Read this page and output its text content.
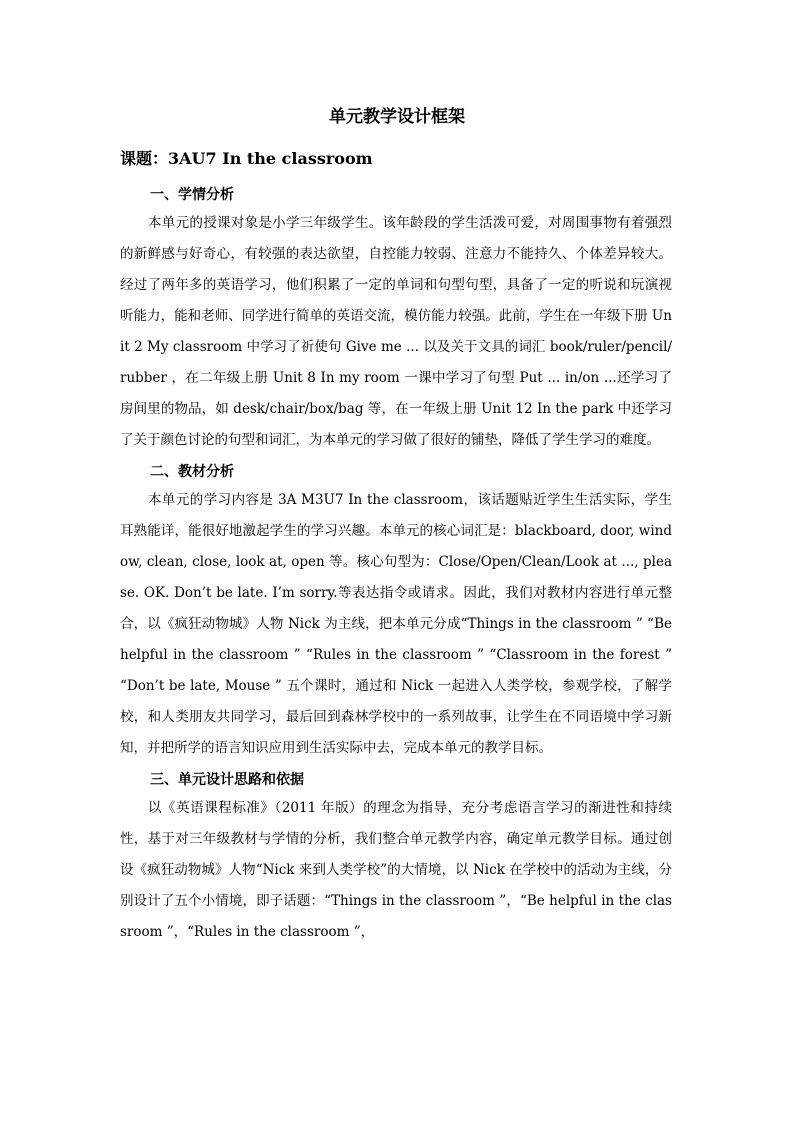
单元教学设计框架
课题：3AU7 In the classroom
一、学情分析

本单元的授课对象是小学三年级学生。该年龄段的学生活泼可爱，对周围事物有着强烈的新鲜感与好奇心，有较强的表达欲望，自控能力较弱、注意力不能持久、个体差异较大。经过了两年多的英语学习，他们积累了一定的单词和句型句型，具备了一定的听说和玩演视听能力，能和老师、同学进行简单的英语交流，模仿能力较强。此前，学生在一年级下册 Unit 2 My classroom 中学习了祈使句 Give me ... 以及关于文具的词汇 book/ruler/pencil/rubber ，在二年级上册 Unit 8 In my room 一课中学习了句型 Put ... in/on ...还学习了房间里的物品，如 desk/chair/box/bag 等，在一年级上册 Unit 12 In the park 中还学习了关于颜色讨论的句型和词汇，为本单元的学习做了很好的铺垫，降低了学生学习的难度。

二、教材分析

本单元的学习内容是 3A M3U7 In the classroom，该话题贴近学生生活实际，学生耳熟能详，能很好地激起学生的学习兴趣。本单元的核心词汇是：blackboard, door, window, clean, close, look at, open 等。核心句型为：Close/Open/Clean/Look at ..., please. OK. Don’t be late. I’m sorry.等表达指令或请求。因此，我们对教材内容进行单元整合，以《疯狂动物城》人物 Nick 为主线，把本单元分成“Things in the classroom ” “Be helpful in the classroom ” “Rules in the classroom ” “Classroom in the forest ” “Don’t be late, Mouse ” 五个课时，通过和 Nick 一起进入人类学校，参观学校，了解学校，和人类朋友共同学习，最后回到森林学校中的一系列故事，让学生在不同语境中学习新知，并把所学的语言知识应用到生活实际中去，完成本单元的教学目标。

三、单元设计思路和依据

以《英语课程标准》（2011 年版）的理念为指导，充分考虑语言学习的渐进性和持续性，基于对三年级教材与学情的分析，我们整合单元教学内容，确定单元教学目标。通过创设《疯狂动物城》人物“Nick 来到人类学校”的大情境，以 Nick 在学校中的活动为主线，分别设计了五个小情境，即子话题：“Things in the classroom ”，“Be helpful in the classroom ”，“Rules in the classroom ”，
